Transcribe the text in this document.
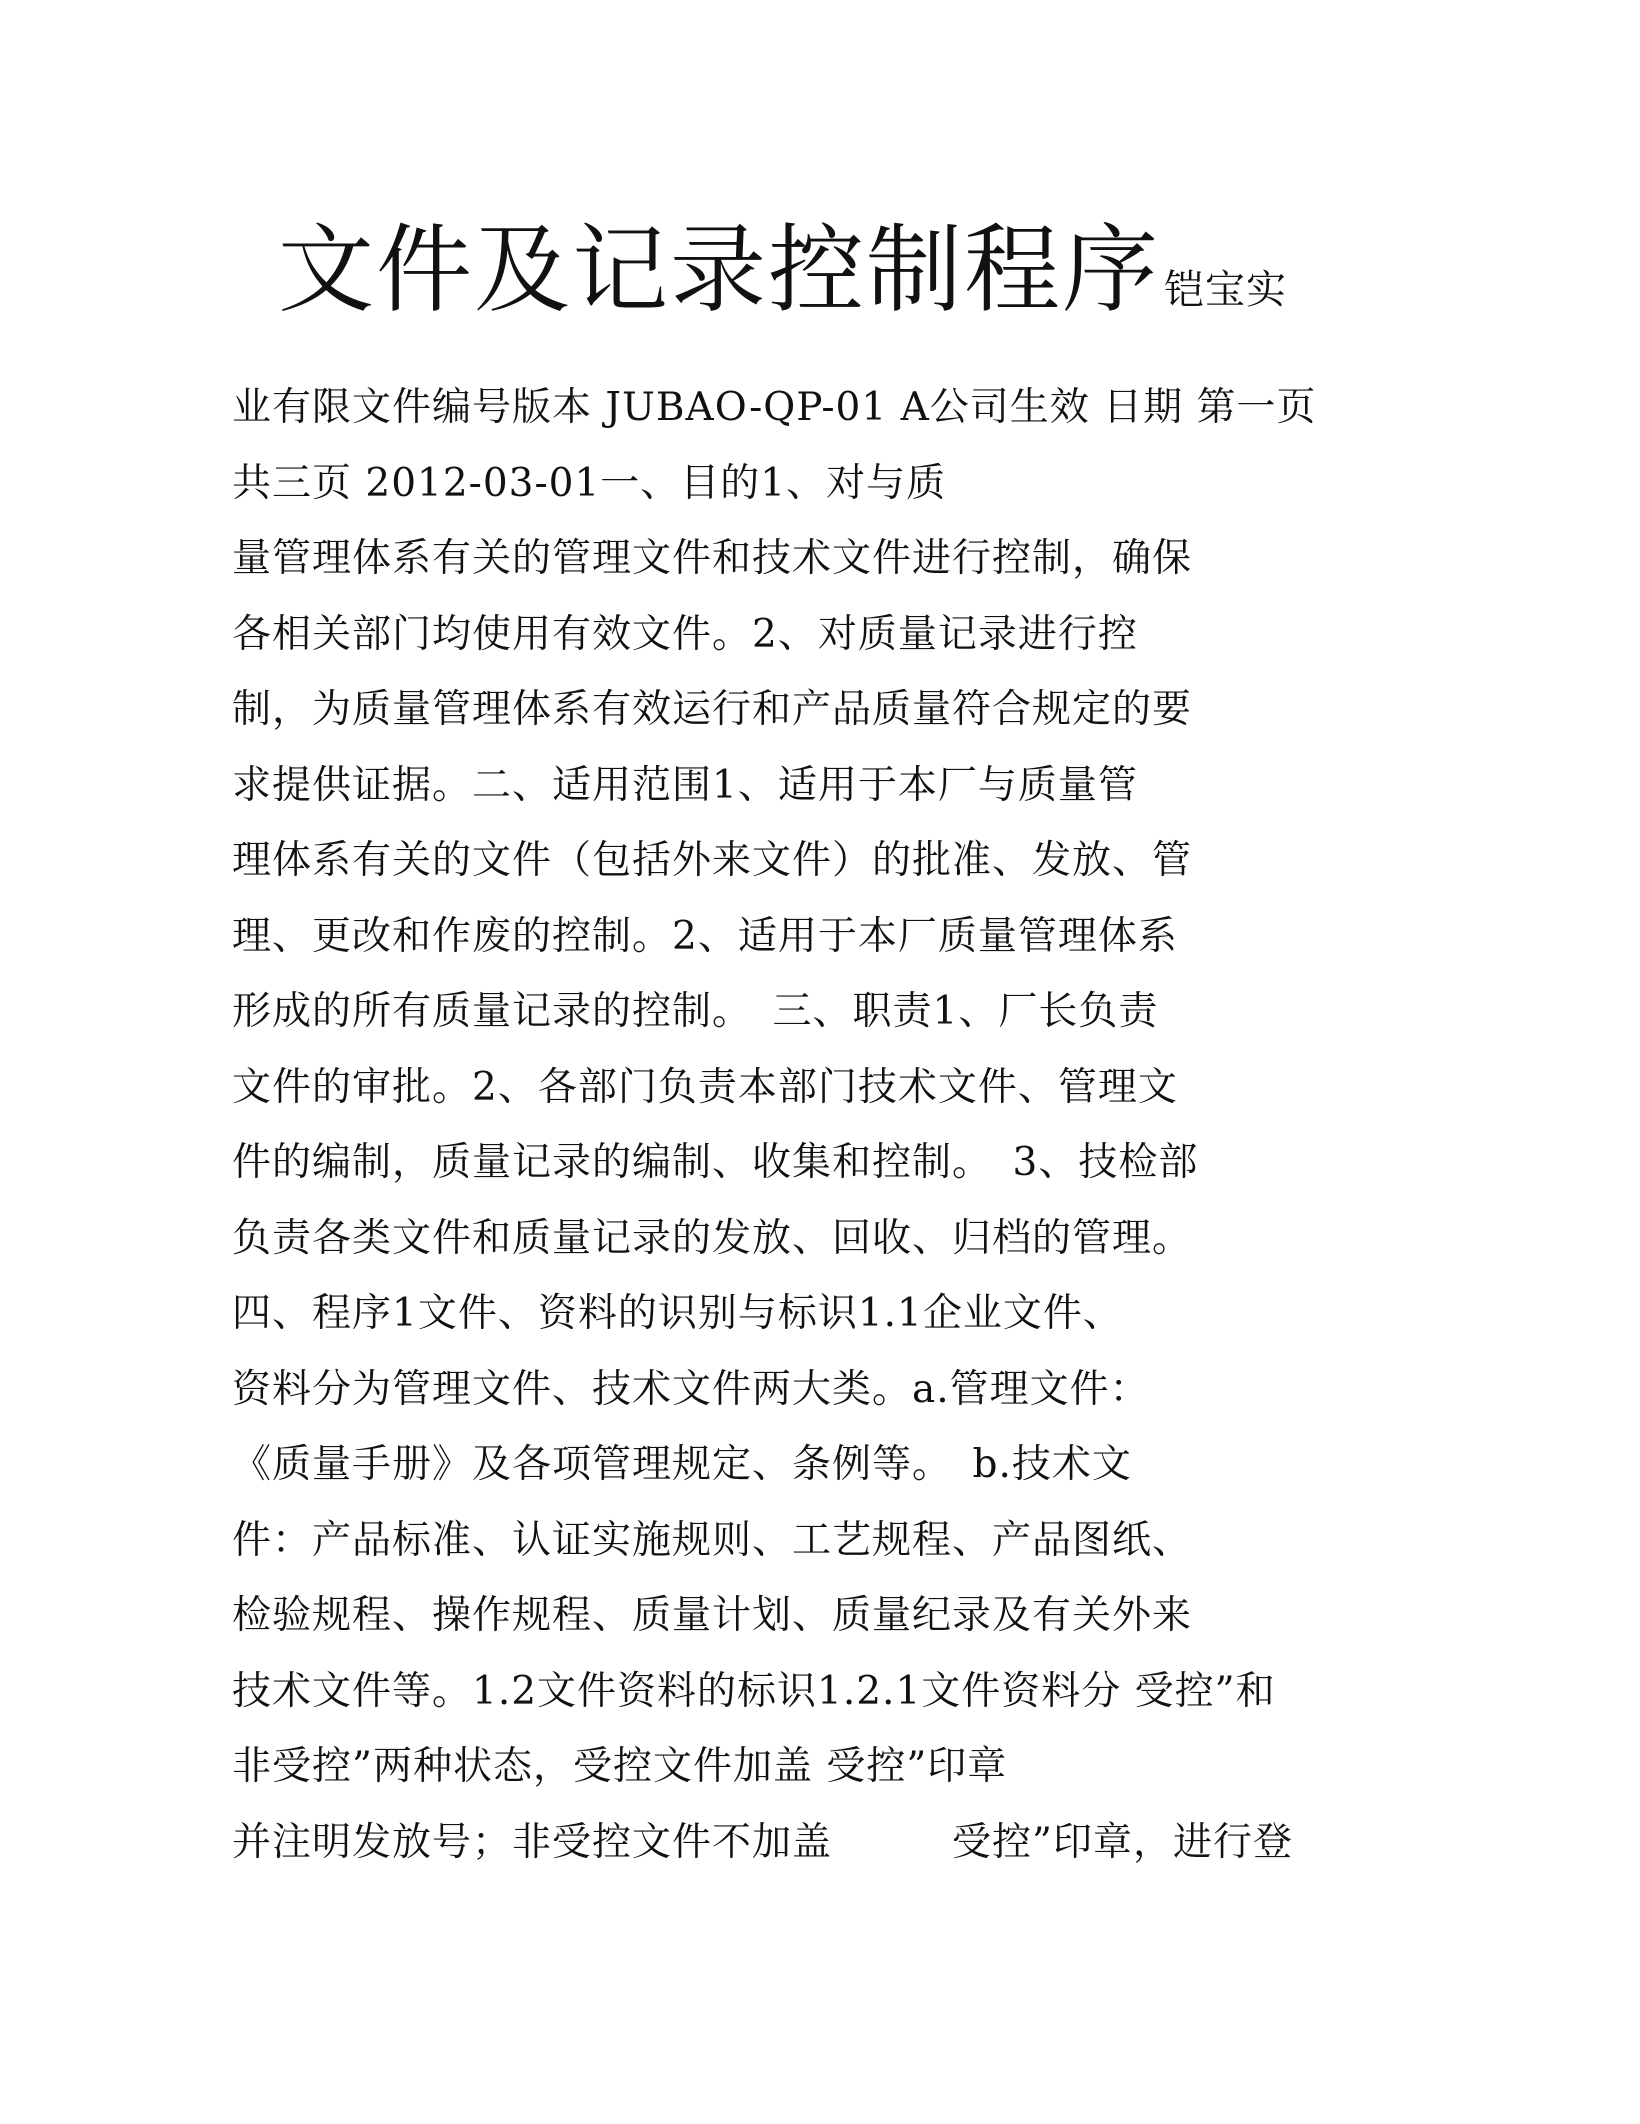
文件及记录控制程序 铠宝实
业有限文件编号版本 JUBAO-QP-01 A公司生效 日期 第一页
共三页 2012-03-01一、目的1、对与质
量管理体系有关的管理文件和技术文件进行控制，确保
各相关部门均使用有效文件。2、对质量记录进行控
制，为质量管理体系有效运行和产品质量符合规定的要
求提供证据。二、适用范围1、适用于本厂与质量管
理体系有关的文件（包括外来文件）的批准、发放、管
理、更改和作废的控制。2、适用于本厂质量管理体系
形成的所有质量记录的控制。　三、职责1、厂长负责
文件的审批。2、各部门负责本部门技术文件、管理文
件的编制，质量记录的编制、收集和控制。　3、技检部
负责各类文件和质量记录的发放、回收、归档的管理。
四、程序1文件、资料的识别与标识1.1企业文件、
资料分为管理文件、技术文件两大类。a.管理文件：
《质量手册》及各项管理规定、条例等。　b.技术文
件：产品标准、认证实施规则、工艺规程、产品图纸、
检验规程、操作规程、质量计划、质量纪录及有关外来
技术文件等。1.2文件资料的标识1.2.1文件资料分 受控”和
非受控”两种状态，受控文件加盖 受控”印章
并注明发放号；非受控文件不加盖　　　受控”印章，进行登
